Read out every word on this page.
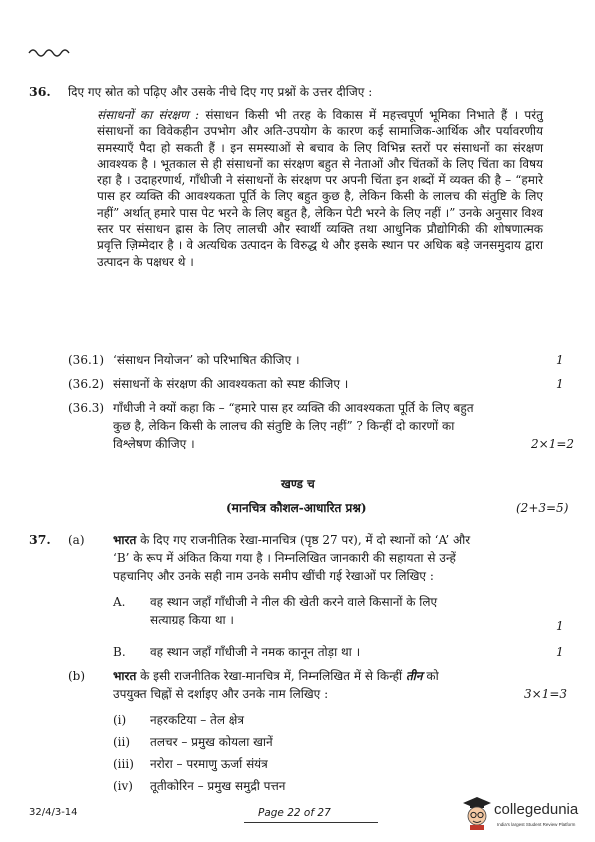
36. दिए गए स्रोत को पढ़िए और उसके नीचे दिए गए प्रश्नों के उत्तर दीजिए :
संसाधनों का संरक्षण : संसाधन किसी भी तरह के विकास में महत्त्वपूर्ण भूमिका निभाते हैं । परंतु संसाधनों का विवेकहीन उपभोग और अति-उपयोग के कारण कई सामाजिक-आर्थिक और पर्यावरणीय समस्याएँ पैदा हो सकती हैं । इन समस्याओं से बचाव के लिए विभिन्न स्तरों पर संसाधनों का संरक्षण आवश्यक है । भूतकाल से ही संसाधनों का संरक्षण बहुत से नेताओं और चिंतकों के लिए चिंता का विषय रहा है । उदाहरणार्थ, गाँधीजी ने संसाधनों के संरक्षण पर अपनी चिंता इन शब्दों में व्यक्त की है – “हमारे पास हर व्यक्ति की आवश्यकता पूर्ति के लिए बहुत कुछ है, लेकिन किसी के लालच की संतुष्टि के लिए नहीं” अर्थात् हमारे पास पेट भरने के लिए बहुत है, लेकिन पेटी भरने के लिए नहीं ।” उनके अनुसार विश्व स्तर पर संसाधन ह्रास के लिए लालची और स्वार्थी व्यक्ति तथा आधुनिक प्रौद्योगिकी की शोषणात्मक प्रवृत्ति ज़िम्मेदार है । वे अत्यधिक उत्पादन के विरुद्ध थे और इसके स्थान पर अधिक बड़े जनसमुदाय द्वारा उत्पादन के पक्षधर थे ।
(36.1) ‘संसाधन नियोजन’ को परिभाषित कीजिए ।	1
(36.2) संसाधनों के संरक्षण की आवश्यकता को स्पष्ट कीजिए ।	1
(36.3) गाँधीजी ने क्यों कहा कि – “हमारे पास हर व्यक्ति की आवश्यकता पूर्ति के लिए बहुत
कुछ है, लेकिन किसी के लालच की संतुष्टि के लिए नहीं” ? किन्हीं दो कारणों का
विश्लेषण कीजिए ।	2×1=2
खण्ड च
(मानचित्र कौशल-आधारित प्रश्न)	(2+3=5)
37. (a) भारत के दिए गए राजनीतिक रेखा-मानचित्र (पृष्ठ 27 पर), में दो स्थानों को ‘A’ और
‘B’ के रूप में अंकित किया गया है । निम्नलिखित जानकारी की सहायता से उन्हें
पहचानिए और उनके सही नाम उनके समीप खींची गई रेखाओं पर लिखिए :
A. वह स्थान जहाँ गाँधीजी ने नील की खेती करने वाले किसानों के लिए
सत्याग्रह किया था ।	1
B. वह स्थान जहाँ गाँधीजी ने नमक कानून तोड़ा था ।	1
(b) भारत के इसी राजनीतिक रेखा-मानचित्र में, निम्नलिखित में से किन्हीं तीन को
उपयुक्त चिह्नों से दर्शाइए और उनके नाम लिखिए :	3×1=3
(i) नहरकटिया – तेल क्षेत्र
(ii) तलचर – प्रमुख कोयला खानें
(iii) नरोरा – परमाणु ऊर्जा संयंत्र
(iv) तूतीकोरिन – प्रमुख समुद्री पत्तन
32/4/3-14	Page 22 of 27	collegedunia
India's largest Student Review Platform
